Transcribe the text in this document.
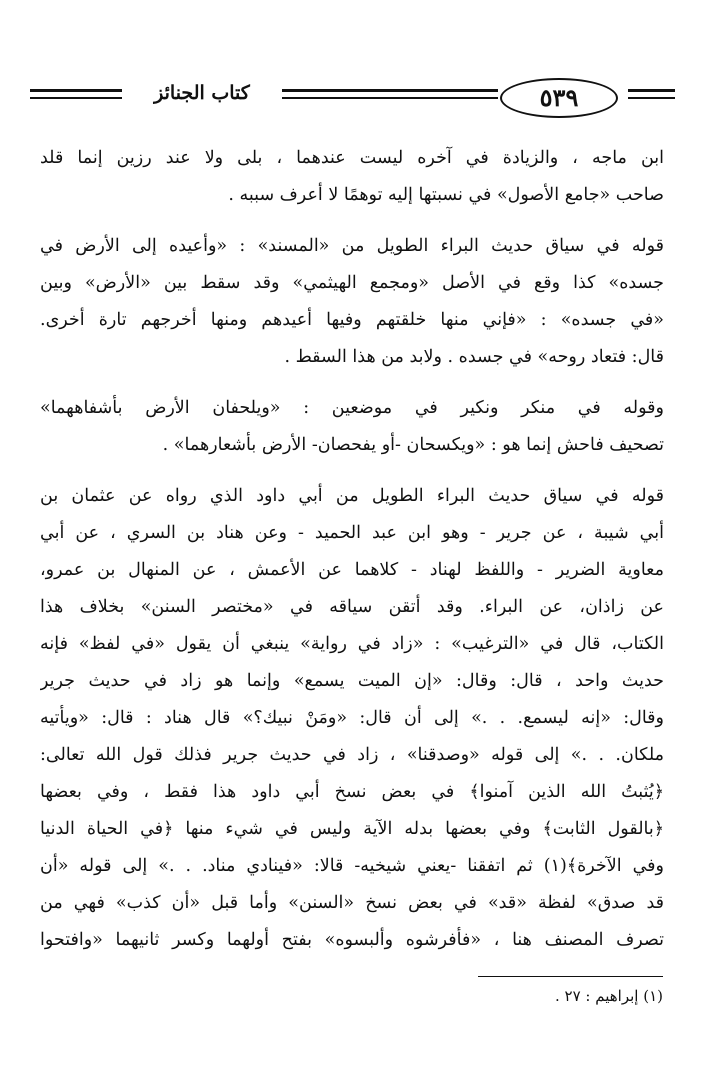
٥٣٩
كتاب الجنائز
ابن ماجه ، والزيادة في آخره ليست عندهما ، بلى ولا عند رزين إنما قلد
صاحب «جامع الأصول» في نسبتها إليه توهمًا لا أعرف سببه .
قوله في سياق حديث البراء الطويل من «المسند» : «وأعيده إلى الأرض في
جسده» كذا وقع في الأصل «ومجمع الهيثمي» وقد سقط بين «الأرض» وبين
«في جسده» : «فإني منها خلقتهم وفيها أعيدهم ومنها أخرجهم تارة أخرى.
قال: فتعاد روحه» في جسده . ولابد من هذا السقط .
وقوله في منكر ونكير في موضعين : «ويلحفان الأرض بأشفاههما»
تصحيف فاحش إنما هو : «ويكسحان -أو يفحصان- الأرض بأشعارهما» .
قوله في سياق حديث البراء الطويل من أبي داود الذي رواه عن عثمان بن
أبي شيبة ، عن جرير - وهو ابن عبد الحميد - وعن هناد بن السري ، عن أبي
معاوية الضرير - واللفظ لهناد - كلاهما عن الأعمش ، عن المنهال بن عمرو،
عن زاذان، عن البراء. وقد أتقن سياقه في «مختصر السنن» بخلاف هذا
الكتاب، قال في «الترغيب» : «زاد في رواية» ينبغي أن يقول «في لفظ» فإنه
حديث واحد ، قال: وقال: «إن الميت يسمع» وإنما هو زاد في حديث جرير
وقال: «إنه ليسمع. . .» إلى أن قال: «ومَنْ نبيك؟» قال هناد : قال: «ويأتيه
ملكان. . .» إلى قوله «وصدقنا» ، زاد في حديث جرير فذلك قول الله تعالى:
﴿يُثبتُ الله الذين آمنوا﴾ في بعض نسخ أبي داود هذا فقط ، وفي بعضها
﴿بالقول الثابت﴾ وفي بعضها بدله الآية وليس في شيء منها ﴿في الحياة الدنيا
وفي الآخرة﴾(١) ثم اتفقنا -يعني شيخيه- قالا: «فينادي مناد. . .» إلى قوله «أن
قد صدق» لفظة «قد» في بعض نسخ «السنن» وأما قبل «أن كذب» فهي من
تصرف المصنف هنا ، «فأفرشوه وألبسوه» بفتح أولهما وكسر ثانيهما «وافتحوا
(١) إبراهيم : ٢٧ .
